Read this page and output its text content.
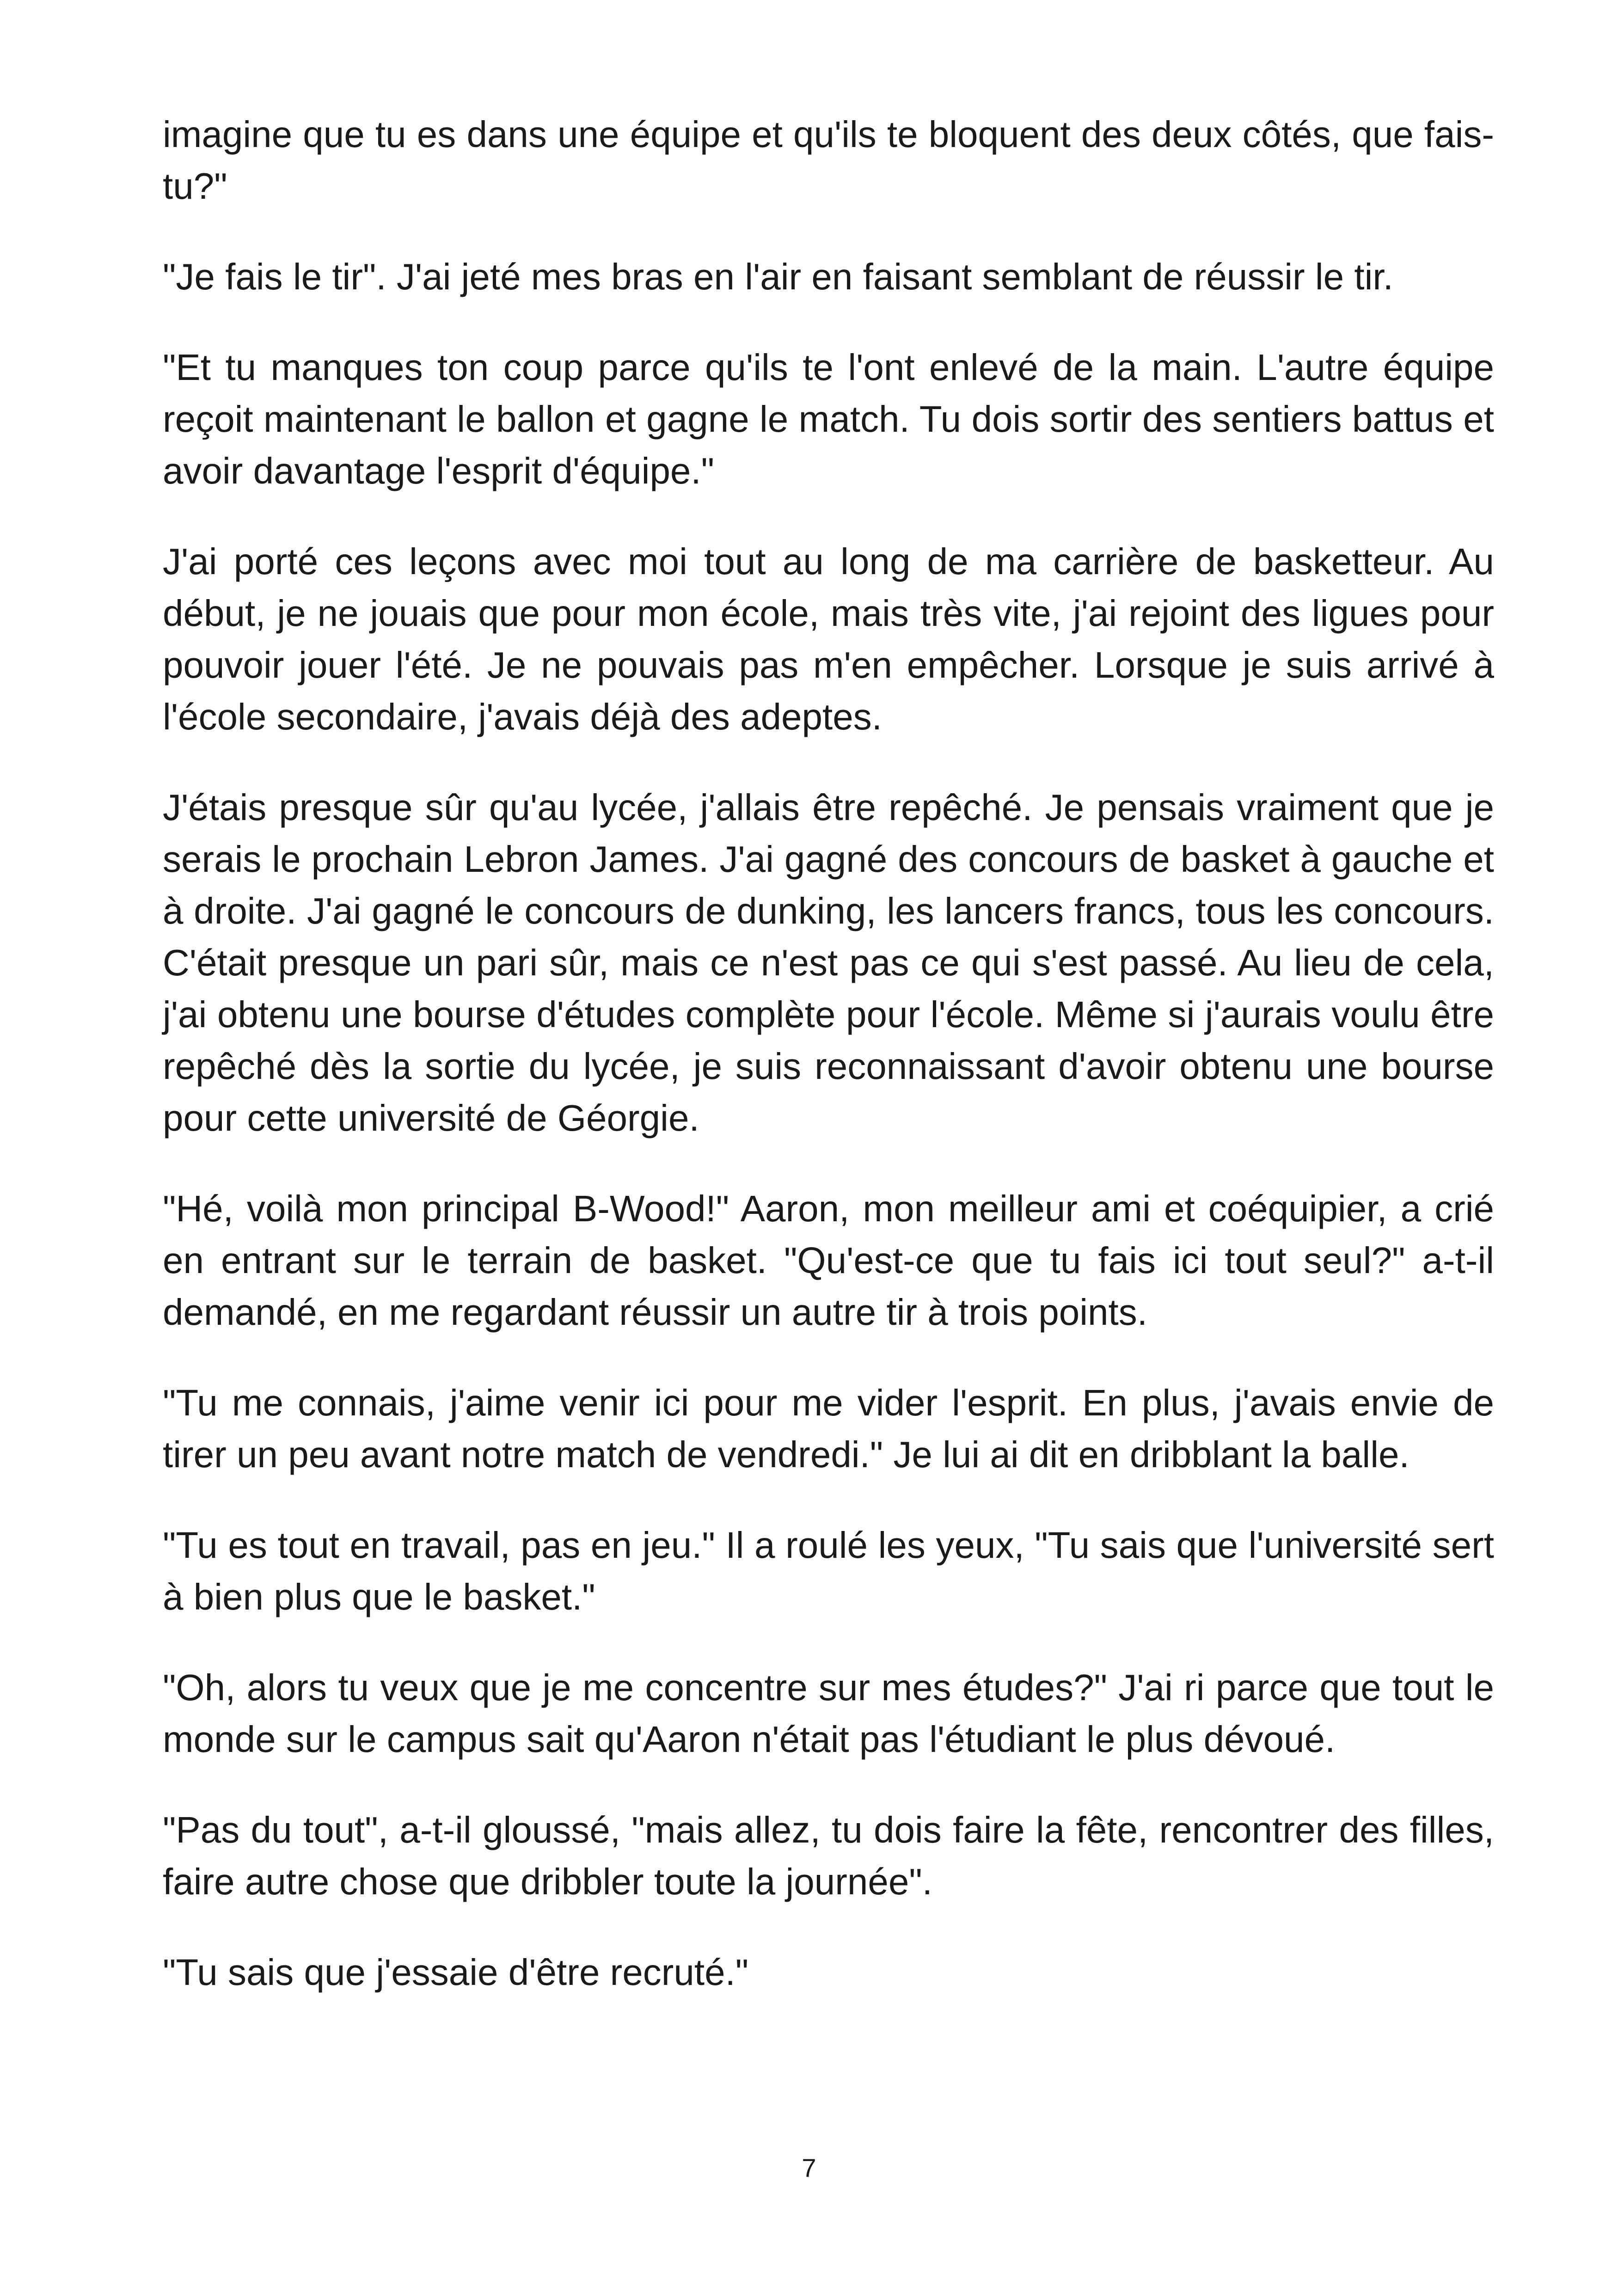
imagine que tu es dans une équipe et qu'ils te bloquent des deux côtés, que fais-tu?"

"Je fais le tir". J'ai jeté mes bras en l'air en faisant semblant de réussir le tir.

"Et tu manques ton coup parce qu'ils te l'ont enlevé de la main. L'autre équipe reçoit maintenant le ballon et gagne le match. Tu dois sortir des sentiers battus et avoir davantage l'esprit d'équipe."

J'ai porté ces leçons avec moi tout au long de ma carrière de basketteur. Au début, je ne jouais que pour mon école, mais très vite, j'ai rejoint des ligues pour pouvoir jouer l'été. Je ne pouvais pas m'en empêcher. Lorsque je suis arrivé à l'école secondaire, j'avais déjà des adeptes.

J'étais presque sûr qu'au lycée, j'allais être repêché. Je pensais vraiment que je serais le prochain Lebron James. J'ai gagné des concours de basket à gauche et à droite. J'ai gagné le concours de dunking, les lancers francs, tous les concours. C'était presque un pari sûr, mais ce n'est pas ce qui s'est passé. Au lieu de cela, j'ai obtenu une bourse d'études complète pour l'école. Même si j'aurais voulu être repêché dès la sortie du lycée, je suis reconnaissant d'avoir obtenu une bourse pour cette université de Géorgie.

"Hé, voilà mon principal B-Wood!" Aaron, mon meilleur ami et coéquipier, a crié en entrant sur le terrain de basket. "Qu'est-ce que tu fais ici tout seul?" a-t-il demandé, en me regardant réussir un autre tir à trois points.

"Tu me connais, j'aime venir ici pour me vider l'esprit. En plus, j'avais envie de tirer un peu avant notre match de vendredi." Je lui ai dit en dribblant la balle.

"Tu es tout en travail, pas en jeu." Il a roulé les yeux, "Tu sais que l'université sert à bien plus que le basket."

"Oh, alors tu veux que je me concentre sur mes études?" J'ai ri parce que tout le monde sur le campus sait qu'Aaron n'était pas l'étudiant le plus dévoué.

"Pas du tout", a-t-il gloussé, "mais allez, tu dois faire la fête, rencontrer des filles, faire autre chose que dribbler toute la journée".

"Tu sais que j'essaie d'être recruté."

7
